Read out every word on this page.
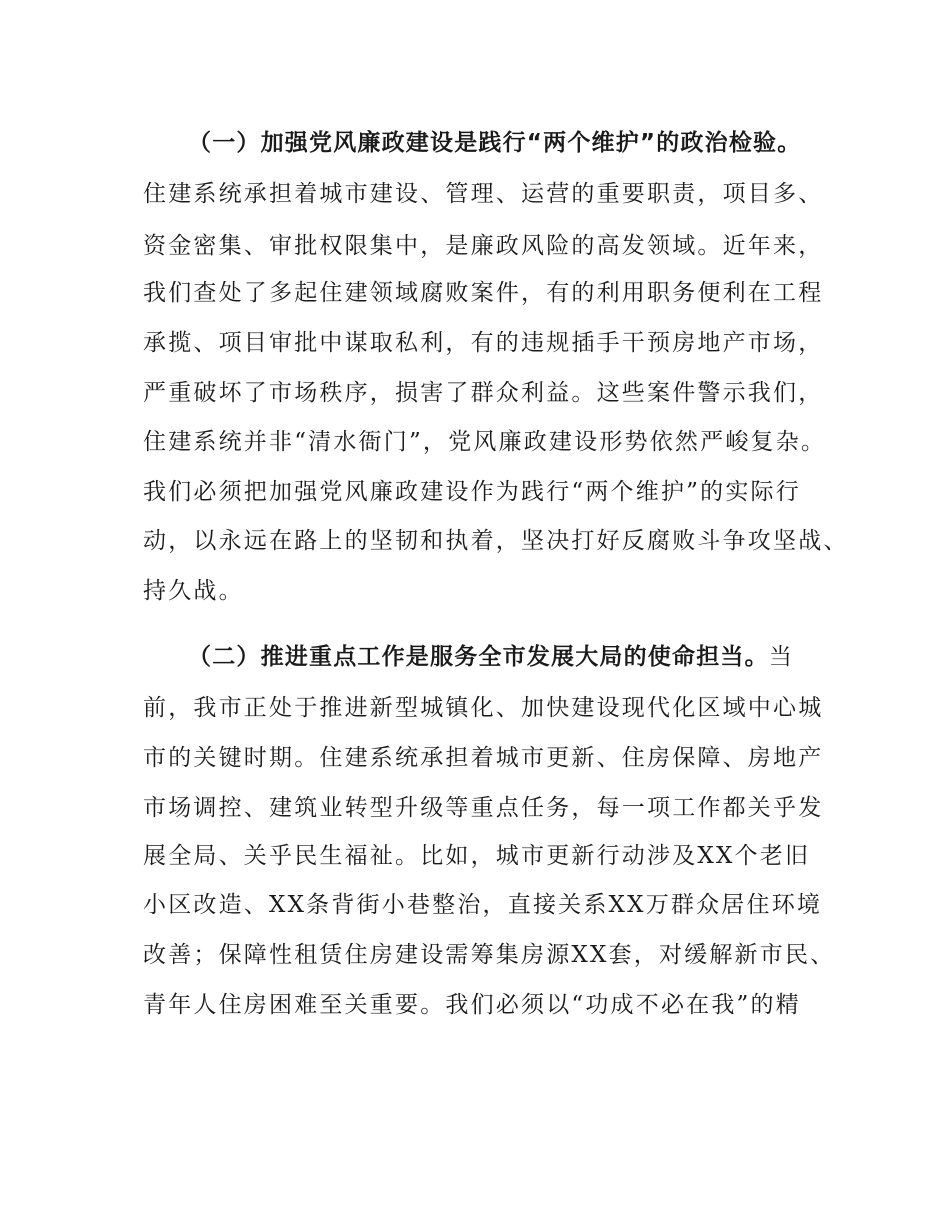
（一）加强党风廉政建设是践行“两个维护”的政治检验。
住建系统承担着城市建设、管理、运营的重要职责，项目多、
资金密集、审批权限集中，是廉政风险的高发领域。近年来，
我们查处了多起住建领域腐败案件，有的利用职务便利在工程
承揽、项目审批中谋取私利，有的违规插手干预房地产市场，
严重破坏了市场秩序，损害了群众利益。这些案件警示我们，
住建系统并非“清水衙门”，党风廉政建设形势依然严峻复杂。
我们必须把加强党风廉政建设作为践行“两个维护”的实际行
动，以永远在路上的坚韧和执着，坚决打好反腐败斗争攻坚战、
持久战。
（二）推进重点工作是服务全市发展大局的使命担当。当
前，我市正处于推进新型城镇化、加快建设现代化区域中心城
市的关键时期。住建系统承担着城市更新、住房保障、房地产
市场调控、建筑业转型升级等重点任务，每一项工作都关乎发
展全局、关乎民生福祉。比如，城市更新行动涉及XX个老旧
小区改造、XX条背街小巷整治，直接关系XX万群众居住环境
改善；保障性租赁住房建设需筹集房源XX套，对缓解新市民、
青年人住房困难至关重要。我们必须以“功成不必在我”的精
